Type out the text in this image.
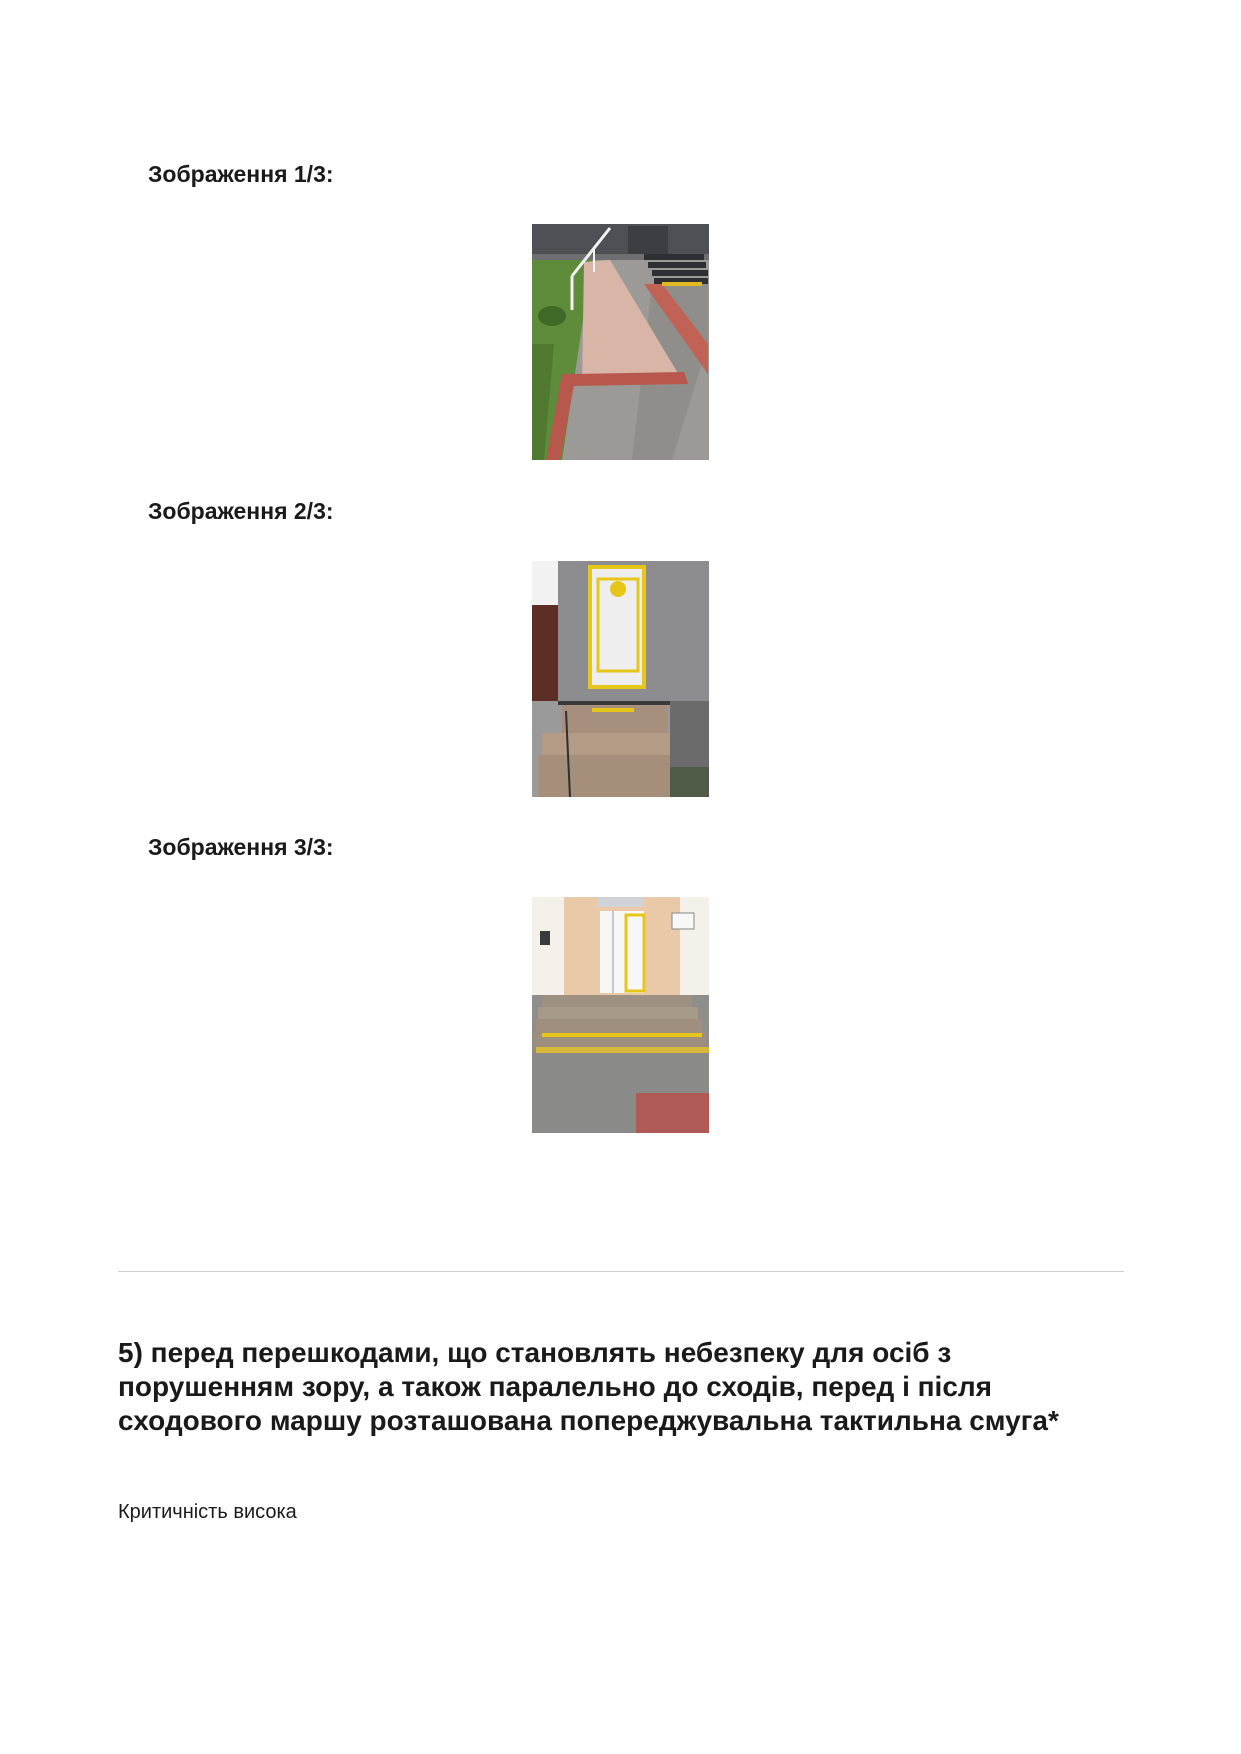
Зображення 1/3:
Зображення 2/3:
Зображення 3/3:
5) перед перешкодами, що становлять небезпеку для осіб з порушенням зору, а також паралельно до сходів, перед і після сходового маршу розташована попереджувальна тактильна смуга*
Критичність висока
